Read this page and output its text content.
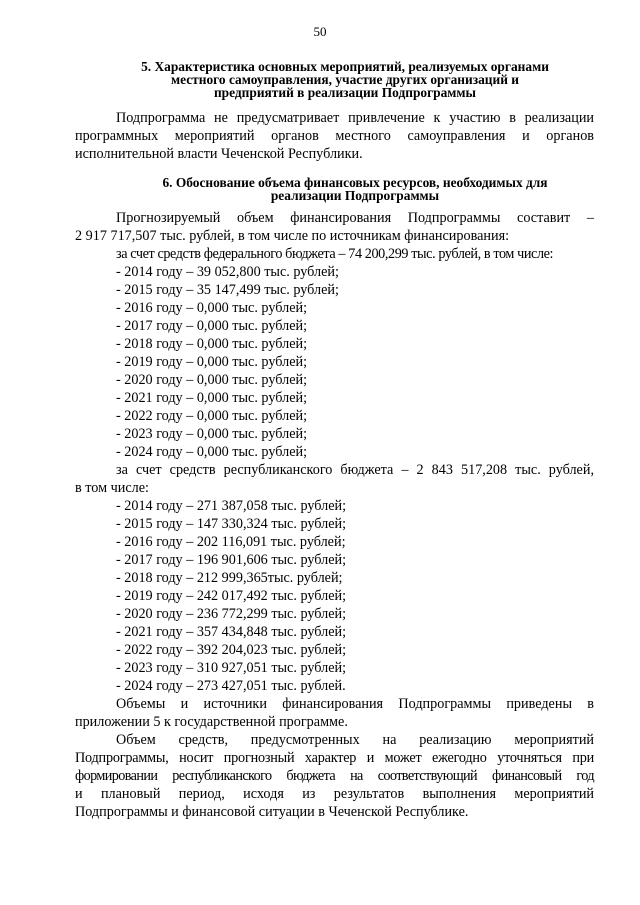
50
5. Характеристика основных мероприятий, реализуемых органами
местного самоуправления, участие других организаций и
предприятий в реализации Подпрограммы
Подпрограмма не предусматривает привлечение к участию в реализации
программных мероприятий органов местного самоуправления и органов
исполнительной власти Чеченской Республики.
6. Обоснование объема финансовых ресурсов, необходимых для
реализации Подпрограммы
Прогнозируемый объем финансирования Подпрограммы составит –
2 917 717,507 тыс. рублей, в том числе по источникам финансирования:
за счет средств федерального бюджета – 74 200,299 тыс. рублей, в том числе:
- 2014 году – 39 052,800 тыс. рублей;
- 2015 году – 35 147,499 тыс. рублей;
- 2016 году – 0,000 тыс. рублей;
- 2017 году – 0,000 тыс. рублей;
- 2018 году – 0,000 тыс. рублей;
- 2019 году – 0,000 тыс. рублей;
- 2020 году – 0,000 тыс. рублей;
- 2021 году – 0,000 тыс. рублей;
- 2022 году – 0,000 тыс. рублей;
- 2023 году – 0,000 тыс. рублей;
- 2024 году – 0,000 тыс. рублей;
за счет средств республиканского бюджета – 2 843 517,208 тыс. рублей,
в том числе:
- 2014 году – 271 387,058 тыс. рублей;
- 2015 году – 147 330,324 тыс. рублей;
- 2016 году – 202 116,091 тыс. рублей;
- 2017 году – 196 901,606 тыс. рублей;
- 2018 году – 212 999,365тыс. рублей;
- 2019 году – 242 017,492 тыс. рублей;
- 2020 году – 236 772,299 тыс. рублей;
- 2021 году – 357 434,848 тыс. рублей;
- 2022 году – 392 204,023 тыс. рублей;
- 2023 году – 310 927,051 тыс. рублей;
- 2024 году – 273 427,051 тыс. рублей.
Объемы и источники финансирования Подпрограммы приведены в
приложении 5 к государственной программе.
Объем средств, предусмотренных на реализацию мероприятий
Подпрограммы, носит прогнозный характер и может ежегодно уточняться при
формировании республиканского бюджета на соответствующий финансовый год
и плановый период, исходя из результатов выполнения мероприятий
Подпрограммы и финансовой ситуации в Чеченской Республике.
